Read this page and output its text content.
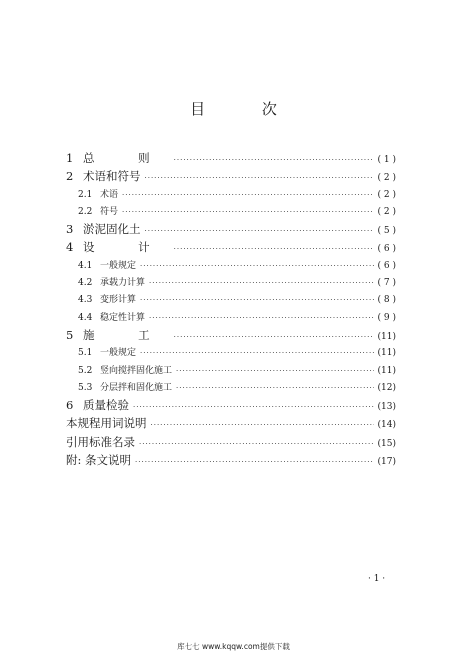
目 次
1 总 则 ·····	( 1 )
2 术语和符号 ·····	( 2 )
2.1 术语 ·····	( 2 )
2.2 符号 ·····	( 2 )
3 淤泥固化土 ·····	( 5 )
4 设 计 ·····	( 6 )
4.1 一般规定 ·····	( 6 )
4.2 承载力计算 ·····	( 7 )
4.3 变形计算 ·····	( 8 )
4.4 稳定性计算 ·····	( 9 )
5 施 工 ·····	(11)
5.1 一般规定 ·····	(11)
5.2 竖向搅拌固化施工 ·····	(11)
5.3 分层拌和固化施工 ·····	(12)
6 质量检验 ·····	(13)
本规程用词说明 ·····	(14)
引用标准名录 ·····	(15)
附: 条文说明 ·····	(17)
· 1 ·
库七七 www.kqqw.com提供下载
